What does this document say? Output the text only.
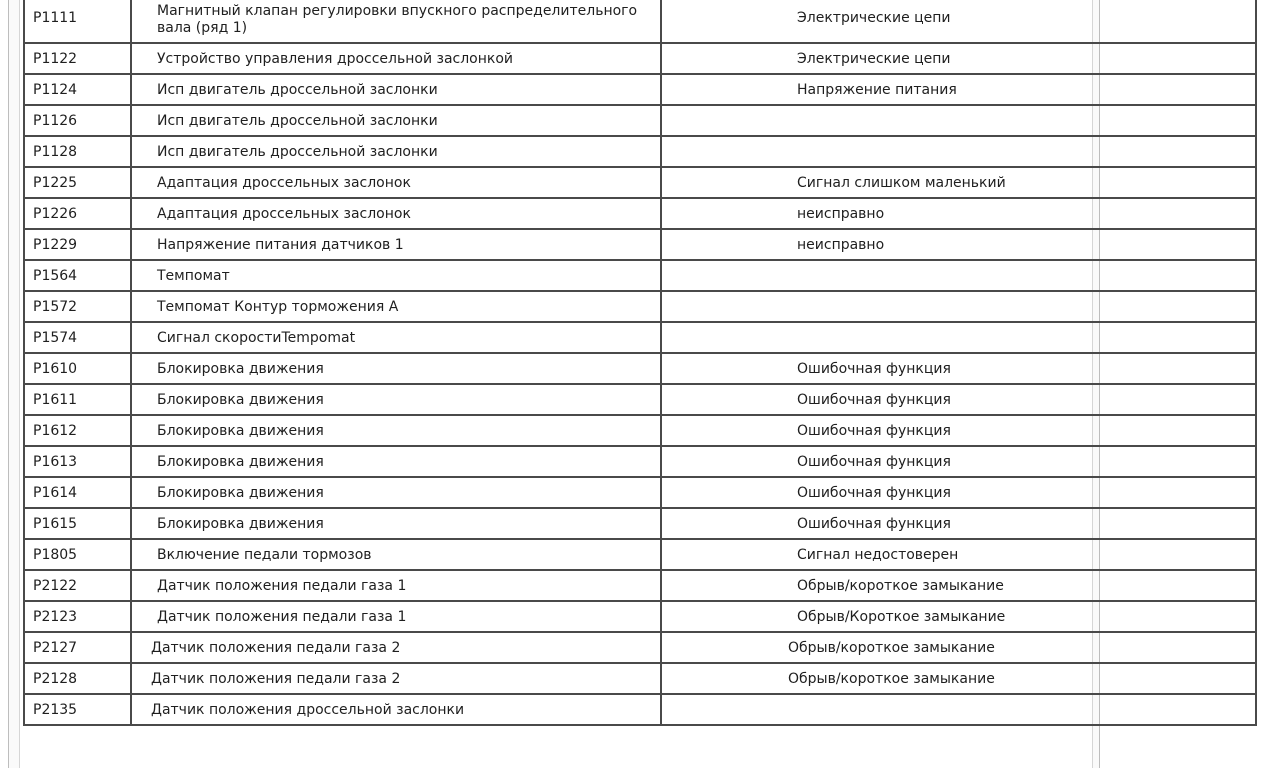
P1111	Магнитный клапан регулировки впускного распределительного вала (ряд 1)	Электрические цепи
P1122	Устройство управления дроссельной заслонкой	Электрические цепи
P1124	Исп двигатель дроссельной заслонки	Напряжение питания
P1126	Исп двигатель дроссельной заслонки	
P1128	Исп двигатель дроссельной заслонки	
P1225	Адаптация дроссельных заслонок	Сигнал слишком маленький
P1226	Адаптация дроссельных заслонок	неисправно
P1229	Напряжение питания датчиков 1	неисправно
P1564	Темпомат	
P1572	Темпомат Контур торможения А	
P1574	Сигнал скоростиTempomat	
P1610	Блокировка движения	Ошибочная функция
P1611	Блокировка движения	Ошибочная функция
P1612	Блокировка движения	Ошибочная функция
P1613	Блокировка движения	Ошибочная функция
P1614	Блокировка движения	Ошибочная функция
P1615	Блокировка движения	Ошибочная функция
P1805	Включение педали тормозов	Сигнал недостоверен
P2122	Датчик положения педали газа 1	Обрыв/короткое замыкание
P2123	Датчик положения педали газа 1	Обрыв/Короткое замыкание
P2127	Датчик положения педали газа 2	Обрыв/короткое замыкание
P2128	Датчик положения педали газа 2	Обрыв/короткое замыкание
P2135	Датчик положения дроссельной заслонки	
